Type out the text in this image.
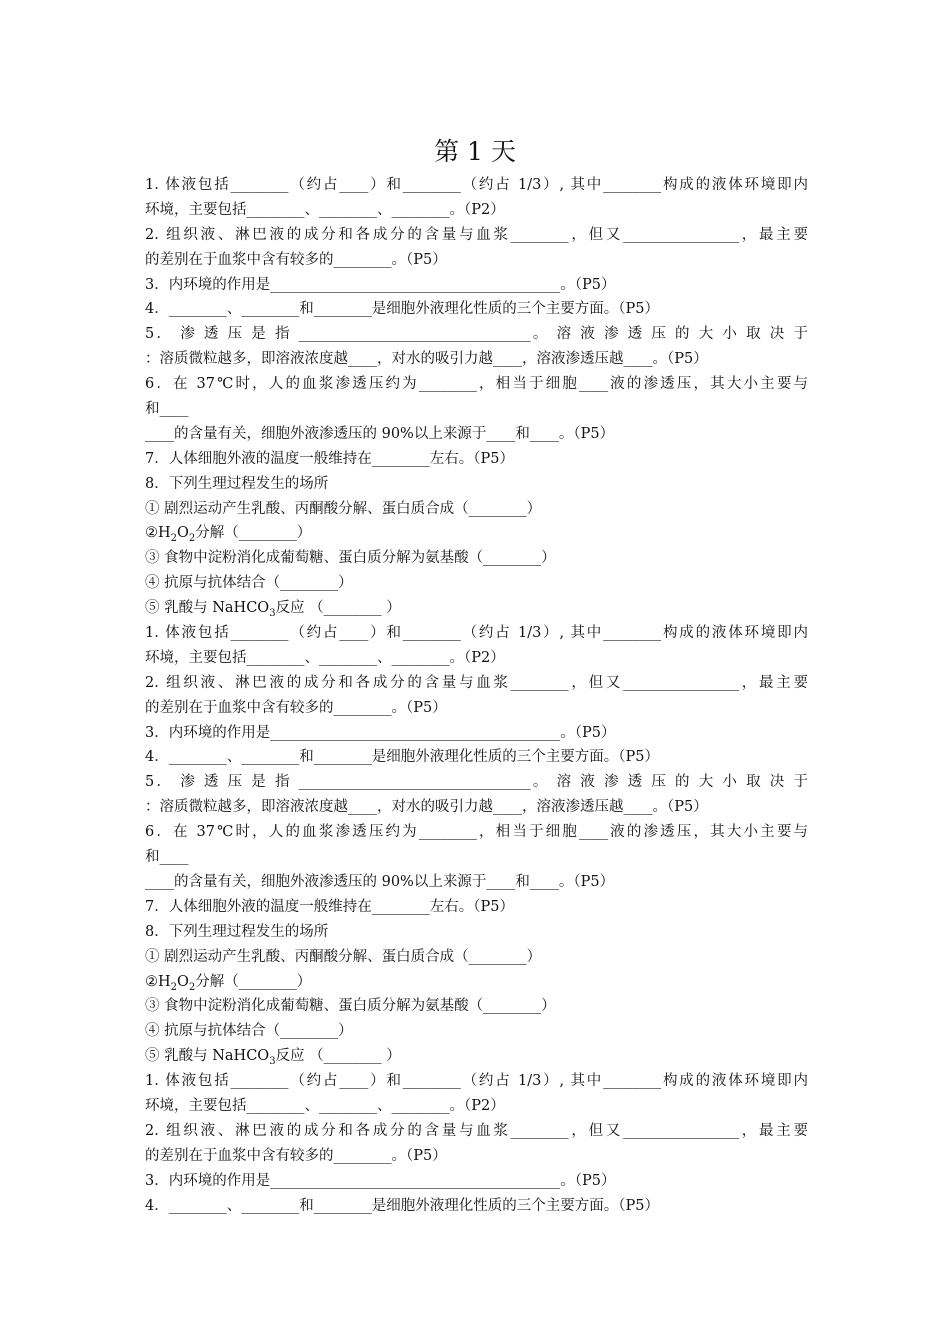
第 1 天
1. 体液包括________（约占____）和________（约占 1/3）, 其中________构成的液体环境即内
环境，主要包括________、________、________。（P2）
2. 组织液、淋巴液的成分和各成分的含量与血浆________，但又________________，最主要
的差别在于血浆中含有较多的________。（P5）
3．内环境的作用是________________________________________。（P5）
4．________、________和________是细胞外液理化性质的三个主要方面。（P5）
5． 渗 透 压 是 指 ________________________________。 溶 液 渗 透 压 的 大 小 取 决 于
：溶质微粒越多，即溶液浓度越____，对水的吸引力越____，溶液渗透压越____。（P5）
6．在 37℃时，人的血浆渗透压约为________，相当于细胞____液的渗透压，其大小主要与
和____
____的含量有关，细胞外液渗透压的 90%以上来源于____和____。（P5）
7．人体细胞外液的温度一般维持在________左右。（P5）
8．下列生理过程发生的场所
① 剧烈运动产生乳酸、丙酮酸分解、蛋白质合成（________）
$②H_2O_2$分解（________）
③ 食物中淀粉消化成葡萄糖、蛋白质分解为氨基酸（________）
④ 抗原与抗体结合（________）
⑤ 乳酸与 NaHCO$_3$反应 （________ ）
1. 体液包括________（约占____）和________（约占 1/3）, 其中________构成的液体环境即内
环境，主要包括________、________、________。（P2）
2. 组织液、淋巴液的成分和各成分的含量与血浆________，但又________________，最主要
的差别在于血浆中含有较多的________。（P5）
3．内环境的作用是________________________________________。（P5）
4．________、________和________是细胞外液理化性质的三个主要方面。（P5）
5． 渗 透 压 是 指 ________________________________。 溶 液 渗 透 压 的 大 小 取 决 于
：溶质微粒越多，即溶液浓度越____，对水的吸引力越____，溶液渗透压越____。（P5）
6．在 37℃时，人的血浆渗透压约为________，相当于细胞____液的渗透压，其大小主要与
和____
____的含量有关，细胞外液渗透压的 90%以上来源于____和____。（P5）
7．人体细胞外液的温度一般维持在________左右。（P5）
8．下列生理过程发生的场所
① 剧烈运动产生乳酸、丙酮酸分解、蛋白质合成（________）
$②H_2O_2$分解（________）
③ 食物中淀粉消化成葡萄糖、蛋白质分解为氨基酸（________）
④ 抗原与抗体结合（________）
⑤ 乳酸与 NaHCO$_3$反应 （________ ）
1. 体液包括________（约占____）和________（约占 1/3）, 其中________构成的液体环境即内
环境，主要包括________、________、________。（P2）
2. 组织液、淋巴液的成分和各成分的含量与血浆________，但又________________，最主要
的差别在于血浆中含有较多的________。（P5）
3．内环境的作用是________________________________________。（P5）
4．________、________和________是细胞外液理化性质的三个主要方面。（P5）
